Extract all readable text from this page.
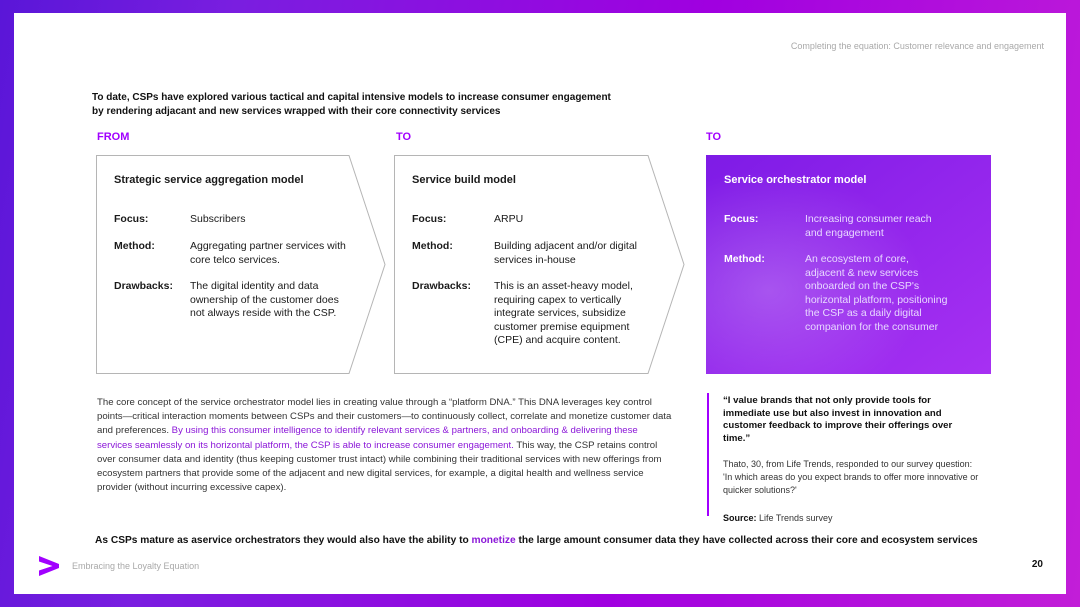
Completing the equation: Customer relevance and engagement
To date, CSPs have explored various tactical and capital intensive models to increase consumer engagement by rendering adjacant and new services wrapped with their core connectivity services
FROM	TO	TO
Strategic service aggregation model
Focus:	Subscribers
Method:	Aggregating partner services with core telco services.
Drawbacks:	The digital identity and data ownership of the customer does not always reside with the CSP.
Service build model
Focus:	ARPU
Method:	Building adjacent and/or digital services in-house
Drawbacks:	This is an asset-heavy model, requiring capex to vertically integrate services, subsidize customer premise equipment (CPE) and acquire content.
Service orchestrator model
Focus:	Increasing consumer reach and engagement
Method:	An ecosystem of core, adjacent & new services onboarded on the CSP's horizontal platform, positioning the CSP as a daily digital companion for the consumer
The core concept of the service orchestrator model lies in creating value through a “platform DNA.” This DNA leverages key control points—critical interaction moments between CSPs and their customers—to continuously collect, correlate and monetize customer data and preferences. By using this consumer intelligence to identify relevant services & partners, and onboarding & delivering these services seamlessly on its horizontal platform, the CSP is able to increase consumer engagement. This way, the CSP retains control over consumer data and identity (thus keeping customer trust intact) while combining their traditional services with new offerings from ecosystem partners that provide some of the adjacent and new digital services, for example, a digital health and wellness service provider (without incurring excessive capex).
“I value brands that not only provide tools for immediate use but also invest in innovation and customer feedback to improve their offerings over time.”
Thato, 30, from Life Trends, responded to our survey question: 'In which areas do you expect brands to offer more innovative or quicker solutions?'
Source: Life Trends survey
As CSPs mature as aservice orchestrators they would also have the ability to monetize the large amount consumer data they have collected across their core and ecosystem services
Embracing the Loyalty Equation	20
